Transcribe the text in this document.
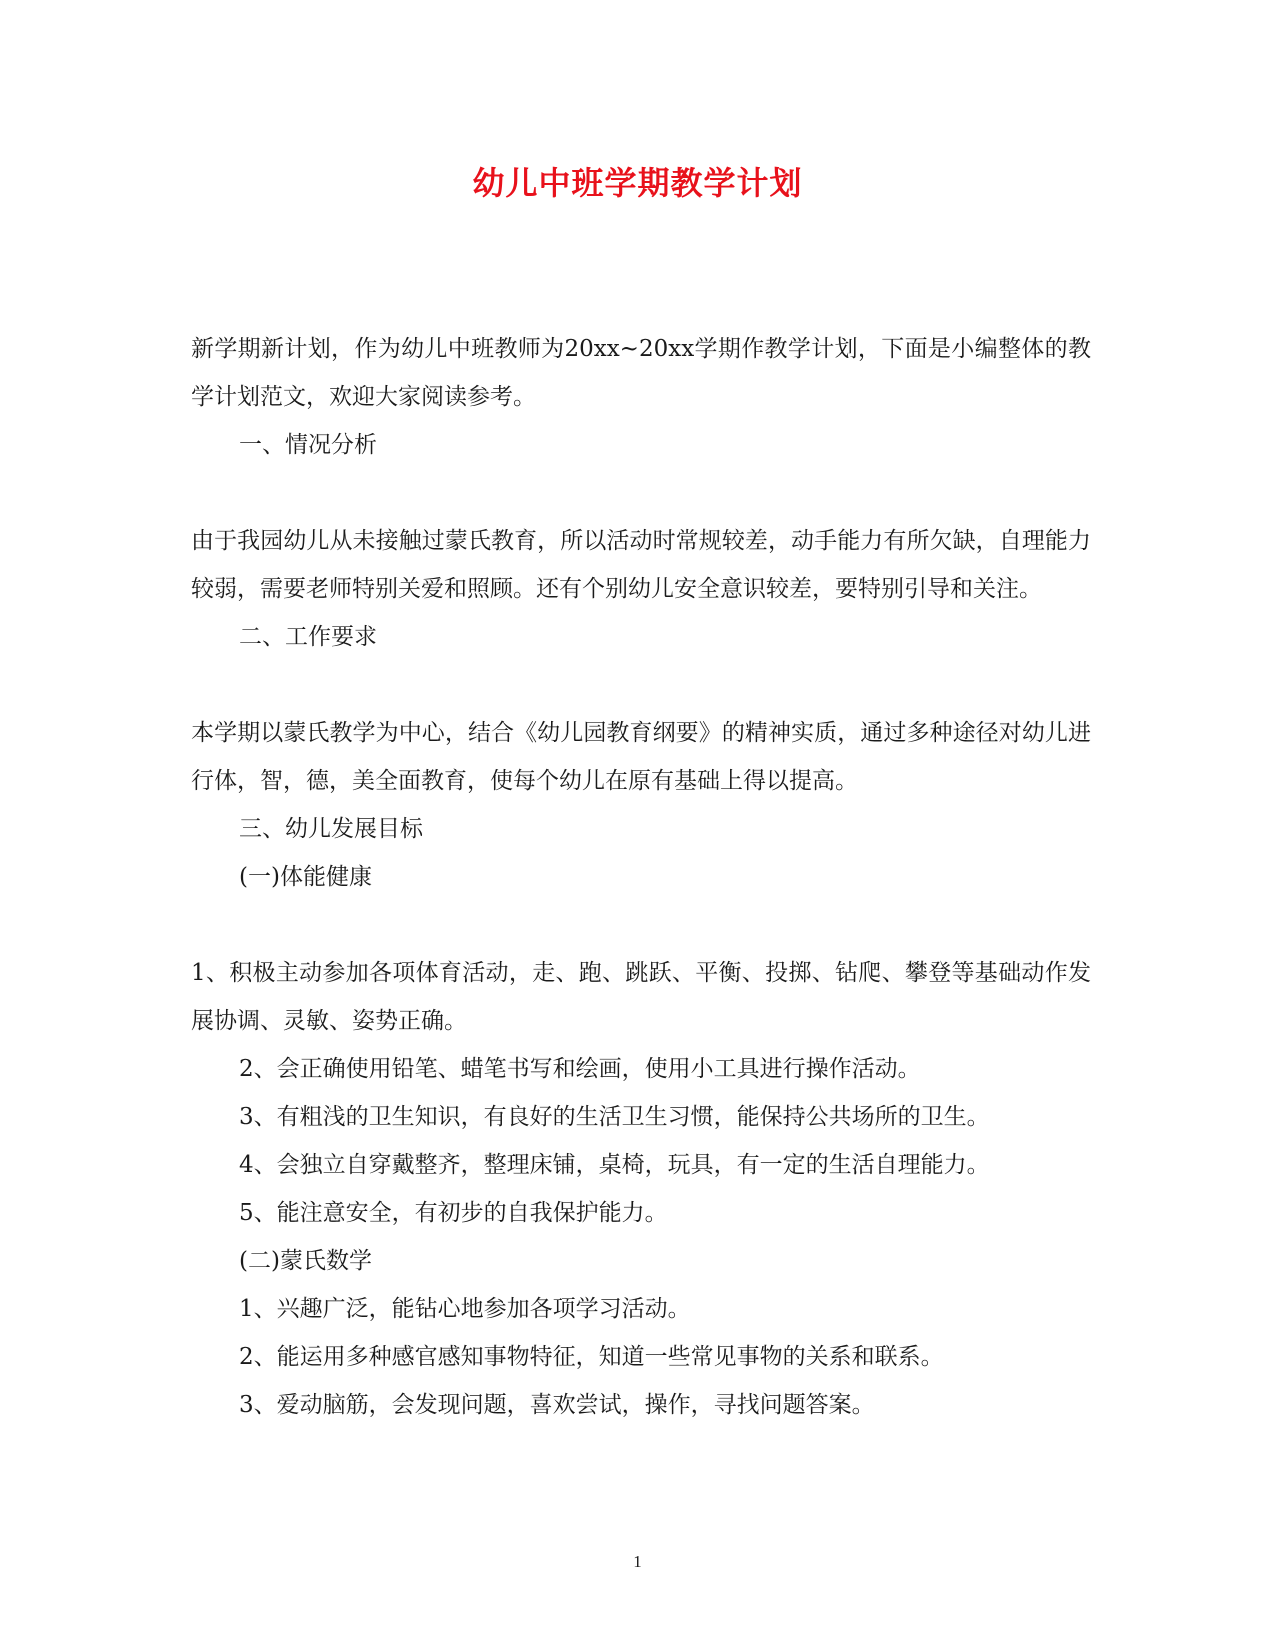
幼儿中班学期教学计划

新学期新计划，作为幼儿中班教师为20xx~20xx学期作教学计划，下面是小编整体的教学计划范文，欢迎大家阅读参考。

一、情况分析

由于我园幼儿从未接触过蒙氏教育，所以活动时常规较差，动手能力有所欠缺，自理能力较弱，需要老师特别关爱和照顾。还有个别幼儿安全意识较差，要特别引导和关注。

二、工作要求

本学期以蒙氏教学为中心，结合《幼儿园教育纲要》的精神实质，通过多种途径对幼儿进行体，智，德，美全面教育，使每个幼儿在原有基础上得以提高。

三、幼儿发展目标

(一)体能健康

1、积极主动参加各项体育活动，走、跑、跳跃、平衡、投掷、钻爬、攀登等基础动作发展协调、灵敏、姿势正确。

2、会正确使用铅笔、蜡笔书写和绘画，使用小工具进行操作活动。

3、有粗浅的卫生知识，有良好的生活卫生习惯，能保持公共场所的卫生。

4、会独立自穿戴整齐，整理床铺，桌椅，玩具，有一定的生活自理能力。

5、能注意安全，有初步的自我保护能力。

(二)蒙氏数学

1、兴趣广泛，能钻心地参加各项学习活动。

2、能运用多种感官感知事物特征，知道一些常见事物的关系和联系。

3、爱动脑筋，会发现问题，喜欢尝试，操作，寻找问题答案。

1
